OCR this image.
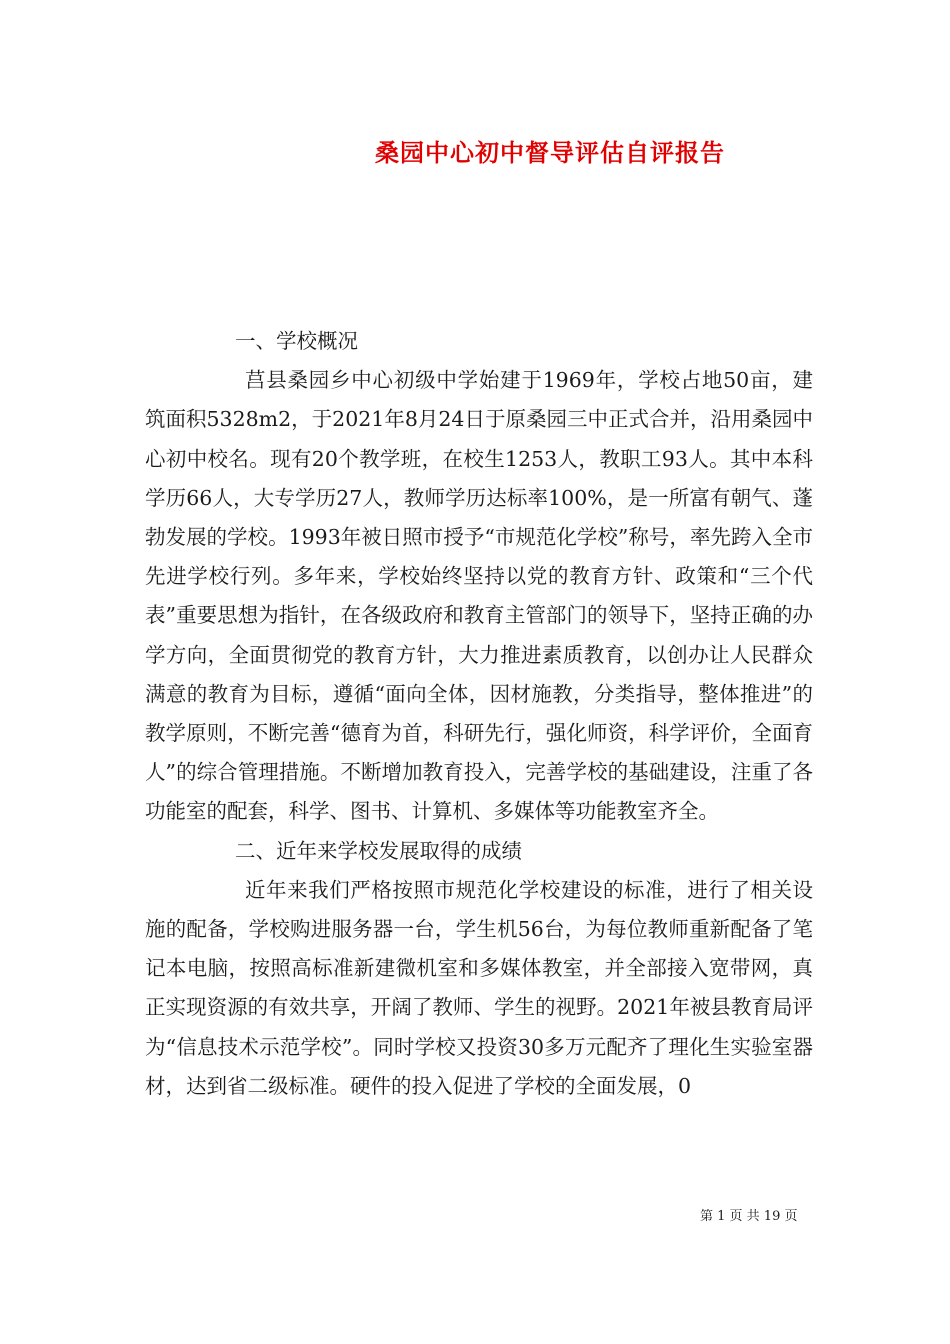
桑园中心初中督导评估自评报告

一、学校概况

莒县桑园乡中心初级中学始建于1969年，学校占地50亩，建筑面积5328m2，于2021年8月24日于原桑园三中正式合并，沿用桑园中心初中校名。现有20个教学班，在校生1253人，教职工93人。其中本科学历66人，大专学历27人，教师学历达标率100%，是一所富有朝气、蓬勃发展的学校。1993年被日照市授予“市规范化学校”称号，率先跨入全市先进学校行列。多年来，学校始终坚持以党的教育方针、政策和“三个代表”重要思想为指针，在各级政府和教育主管部门的领导下，坚持正确的办学方向，全面贯彻党的教育方针，大力推进素质教育，以创办让人民群众满意的教育为目标，遵循“面向全体，因材施教，分类指导，整体推进”的教学原则，不断完善“德育为首，科研先行，强化师资，科学评价，全面育人”的综合管理措施。不断增加教育投入，完善学校的基础建设，注重了各功能室的配套，科学、图书、计算机、多媒体等功能教室齐全。

二、近年来学校发展取得的成绩

近年来我们严格按照市规范化学校建设的标准，进行了相关设施的配备，学校购进服务器一台，学生机56台，为每位教师重新配备了笔记本电脑，按照高标准新建微机室和多媒体教室，并全部接入宽带网，真正实现资源的有效共享，开阔了教师、学生的视野。2021年被县教育局评为“信息技术示范学校”。同时学校又投资30多万元配齐了理化生实验室器材，达到省二级标准。硬件的投入促进了学校的全面发展，0

第 1 页 共 19 页
